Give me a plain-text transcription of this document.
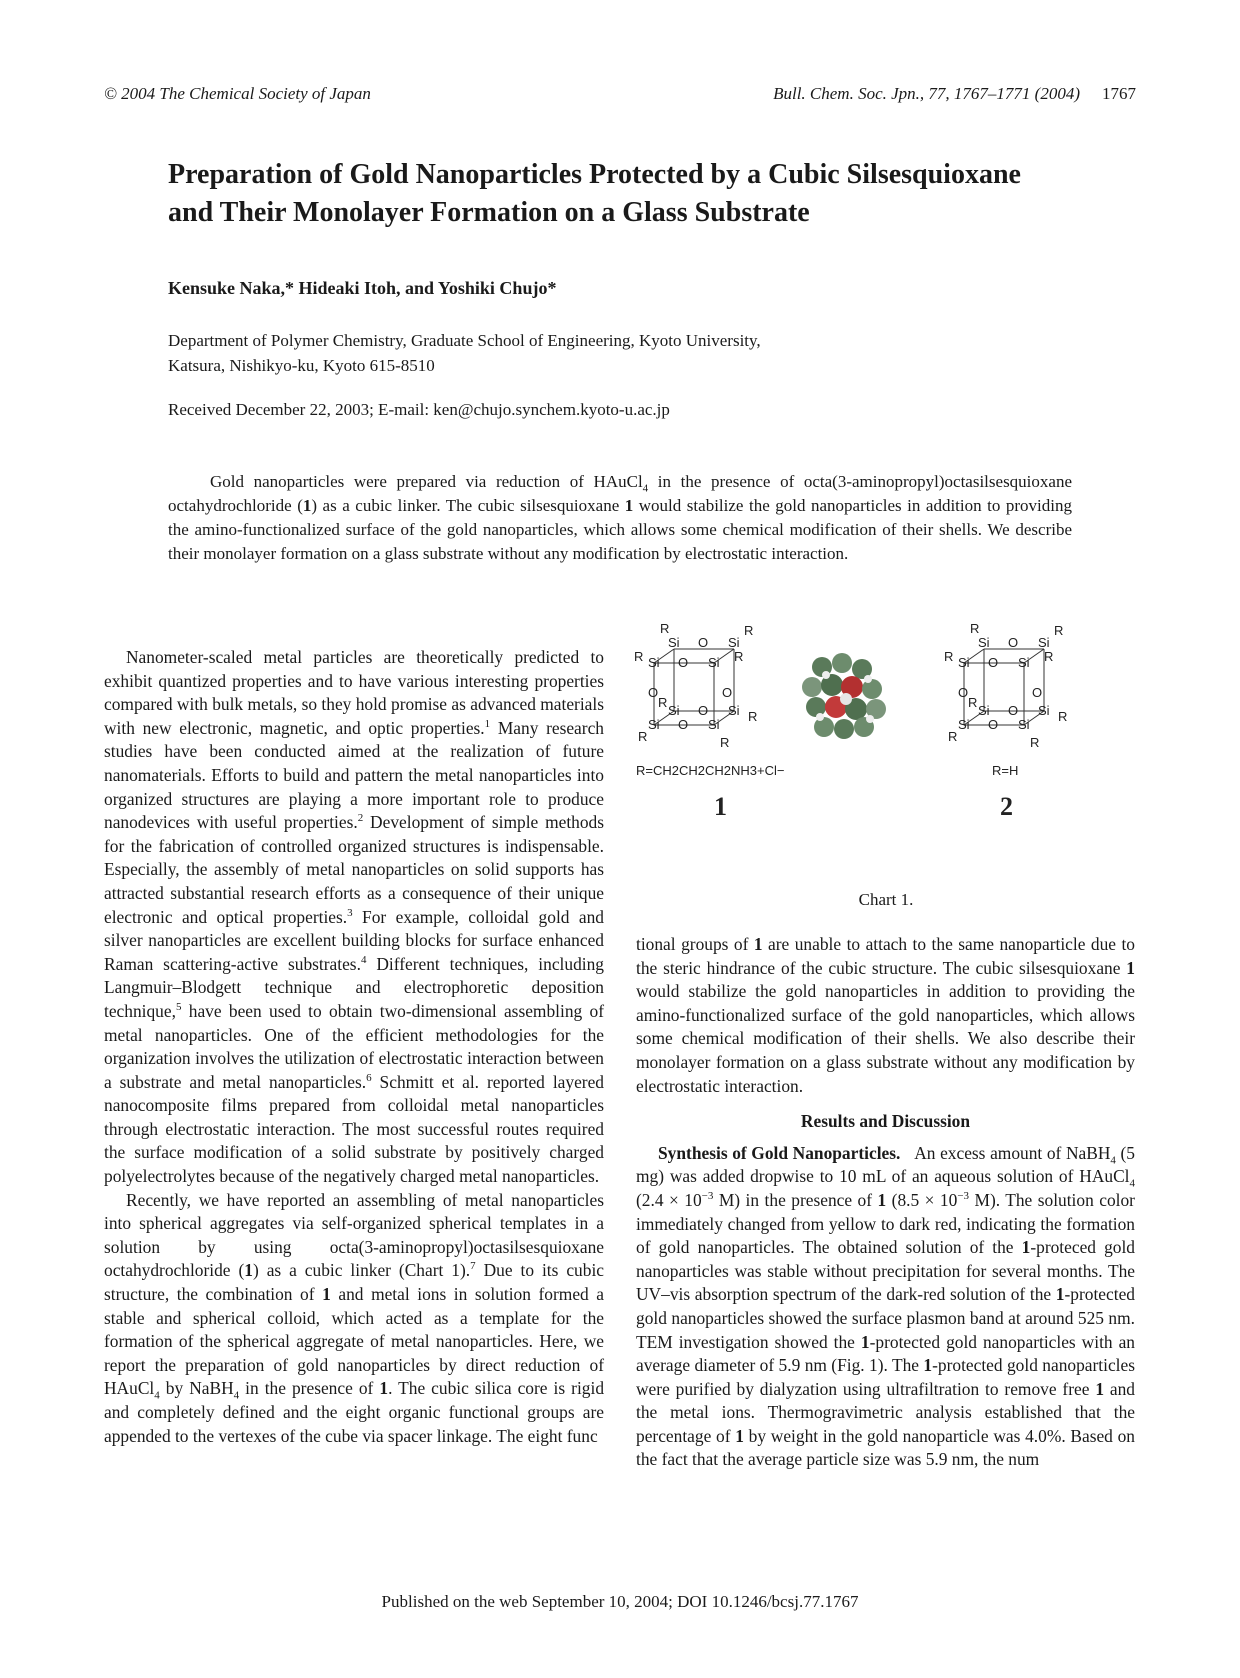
© 2004 The Chemical Society of Japan	Bull. Chem. Soc. Jpn., 77, 1767–1771 (2004) 1767
Preparation of Gold Nanoparticles Protected by a Cubic Silsesquioxane
and Their Monolayer Formation on a Glass Substrate
Kensuke Naka,* Hideaki Itoh, and Yoshiki Chujo*
Department of Polymer Chemistry, Graduate School of Engineering, Kyoto University,
Katsura, Nishikyo-ku, Kyoto 615-8510
Received December 22, 2003; E-mail: ken@chujo.synchem.kyoto-u.ac.jp
Gold nanoparticles were prepared via reduction of HAuCl$_4$ in the presence of octa(3-aminopropyl)octasilsesquioxane octahydrochloride (1) as a cubic linker. The cubic silsesquioxane 1 would stabilize the gold nanoparticles in addition to providing the amino-functionalized surface of the gold nanoparticles, which allows some chemical modification of their shells. We describe their monolayer formation on a glass substrate without any modification by electrostatic interaction.

Nanometer-scaled metal particles are theoretically predicted to exhibit quantized properties and to have various interesting properties compared with bulk metals, so they hold promise as advanced materials with new electronic, magnetic, and optic properties.$^1$ Many research studies have been conducted aimed at the realization of future nanomaterials. Efforts to build and pattern the metal nanoparticles into organized structures are playing a more important role to produce nanodevices with useful properties.$^2$ Development of simple methods for the fabrication of controlled organized structures is indispensable. Especially, the assembly of metal nanoparticles on solid supports has attracted substantial research efforts as a consequence of their unique electronic and optical properties.$^3$ For example, colloidal gold and silver nanoparticles are excellent building blocks for surface enhanced Raman scattering-active substrates.$^4$ Different techniques, including Langmuir–Blodgett technique and electrophoretic deposition technique,$^5$ have been used to obtain two-dimensional assembling of metal nanoparticles. One of the efficient methodologies for the organization involves the utilization of electrostatic interaction between a substrate and metal nanoparticles.$^6$ Schmitt et al. reported layered nanocomposite films prepared from colloidal metal nanoparticles through electrostatic interaction. The most successful routes required the surface modification of a solid substrate by positively charged polyelectrolytes because of the negatively charged metal nanoparticles.

Recently, we have reported an assembling of metal nanoparticles into spherical aggregates via self-organized spherical templates in a solution by using octa(3-aminopropyl)octasilsesquioxane octahydrochloride (1) as a cubic linker (Chart 1).$^7$ Due to its cubic structure, the combination of 1 and metal ions in solution formed a stable and spherical colloid, which acted as a template for the formation of the spherical aggregate of metal nanoparticles. Here, we report the preparation of gold nanoparticles by direct reduction of HAuCl$_4$ by NaBH$_4$ in the presence of 1. The cubic silica core is rigid and completely defined and the eight organic functional groups are appended to the vertexes of the cube via spacer linkage. The eight func

Si	Si
Si	Si
Si	Si
Si	Si
O
O
O	O
O
O
R	R
R	R
R
R
R	R
R=CH2CH2CH2NH3+Cl−
1
Si	Si
Si	Si
Si	Si
Si	Si
O
O
O	O
O
O
R	R
R	R
R
R
R	R
R=H
2
Chart 1.

tional groups of 1 are unable to attach to the same nanoparticle due to the steric hindrance of the cubic structure. The cubic silsesquioxane 1 would stabilize the gold nanoparticles in addition to providing the amino-functionalized surface of the gold nanoparticles, which allows some chemical modification of their shells. We also describe their monolayer formation on a glass substrate without any modification by electrostatic interaction.

Results and Discussion

Synthesis of Gold Nanoparticles.   An excess amount of NaBH$_4$ (5 mg) was added dropwise to 10 mL of an aqueous solution of HAuCl$_4$ ($2.4 \times 10^{-3}$ M) in the presence of 1 ($8.5 \times 10^{-3}$ M). The solution color immediately changed from yellow to dark red, indicating the formation of gold nanoparticles. The obtained solution of the 1-proteced gold nanoparticles was stable without precipitation for several months. The UV–vis absorption spectrum of the dark-red solution of the 1-protected gold nanoparticles showed the surface plasmon band at around 525 nm. TEM investigation showed the 1-protected gold nanoparticles with an average diameter of 5.9 nm (Fig. 1). The 1-protected gold nanoparticles were purified by dialyzation using ultrafiltration to remove free 1 and the metal ions. Thermogravimetric analysis established that the percentage of 1 by weight in the gold nanoparticle was 4.0%. Based on the fact that the average particle size was 5.9 nm, the num

Published on the web September 10, 2004; DOI 10.1246/bcsj.77.1767
